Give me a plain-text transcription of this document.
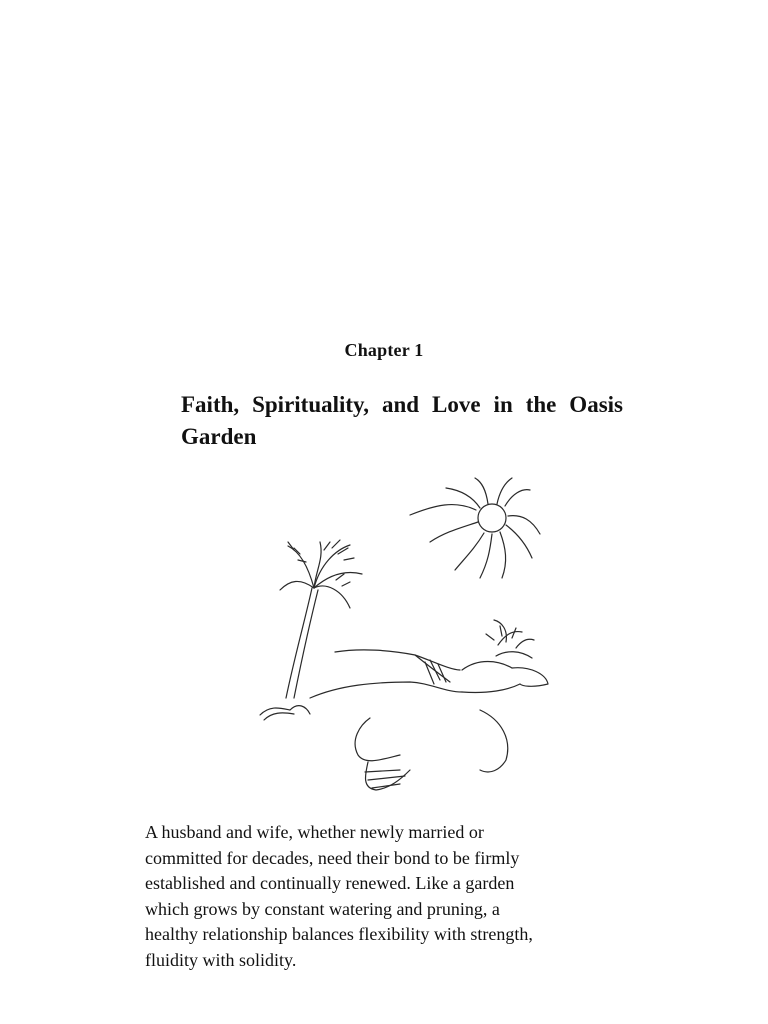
Chapter 1
Faith, Spirituality, and Love in the Oasis Garden

A husband and wife, whether newly married or
committed for decades, need their bond to be firmly
established and continually renewed. Like a garden
which grows by constant watering and pruning, a
healthy relationship balances flexibility with strength,
fluidity with solidity.
